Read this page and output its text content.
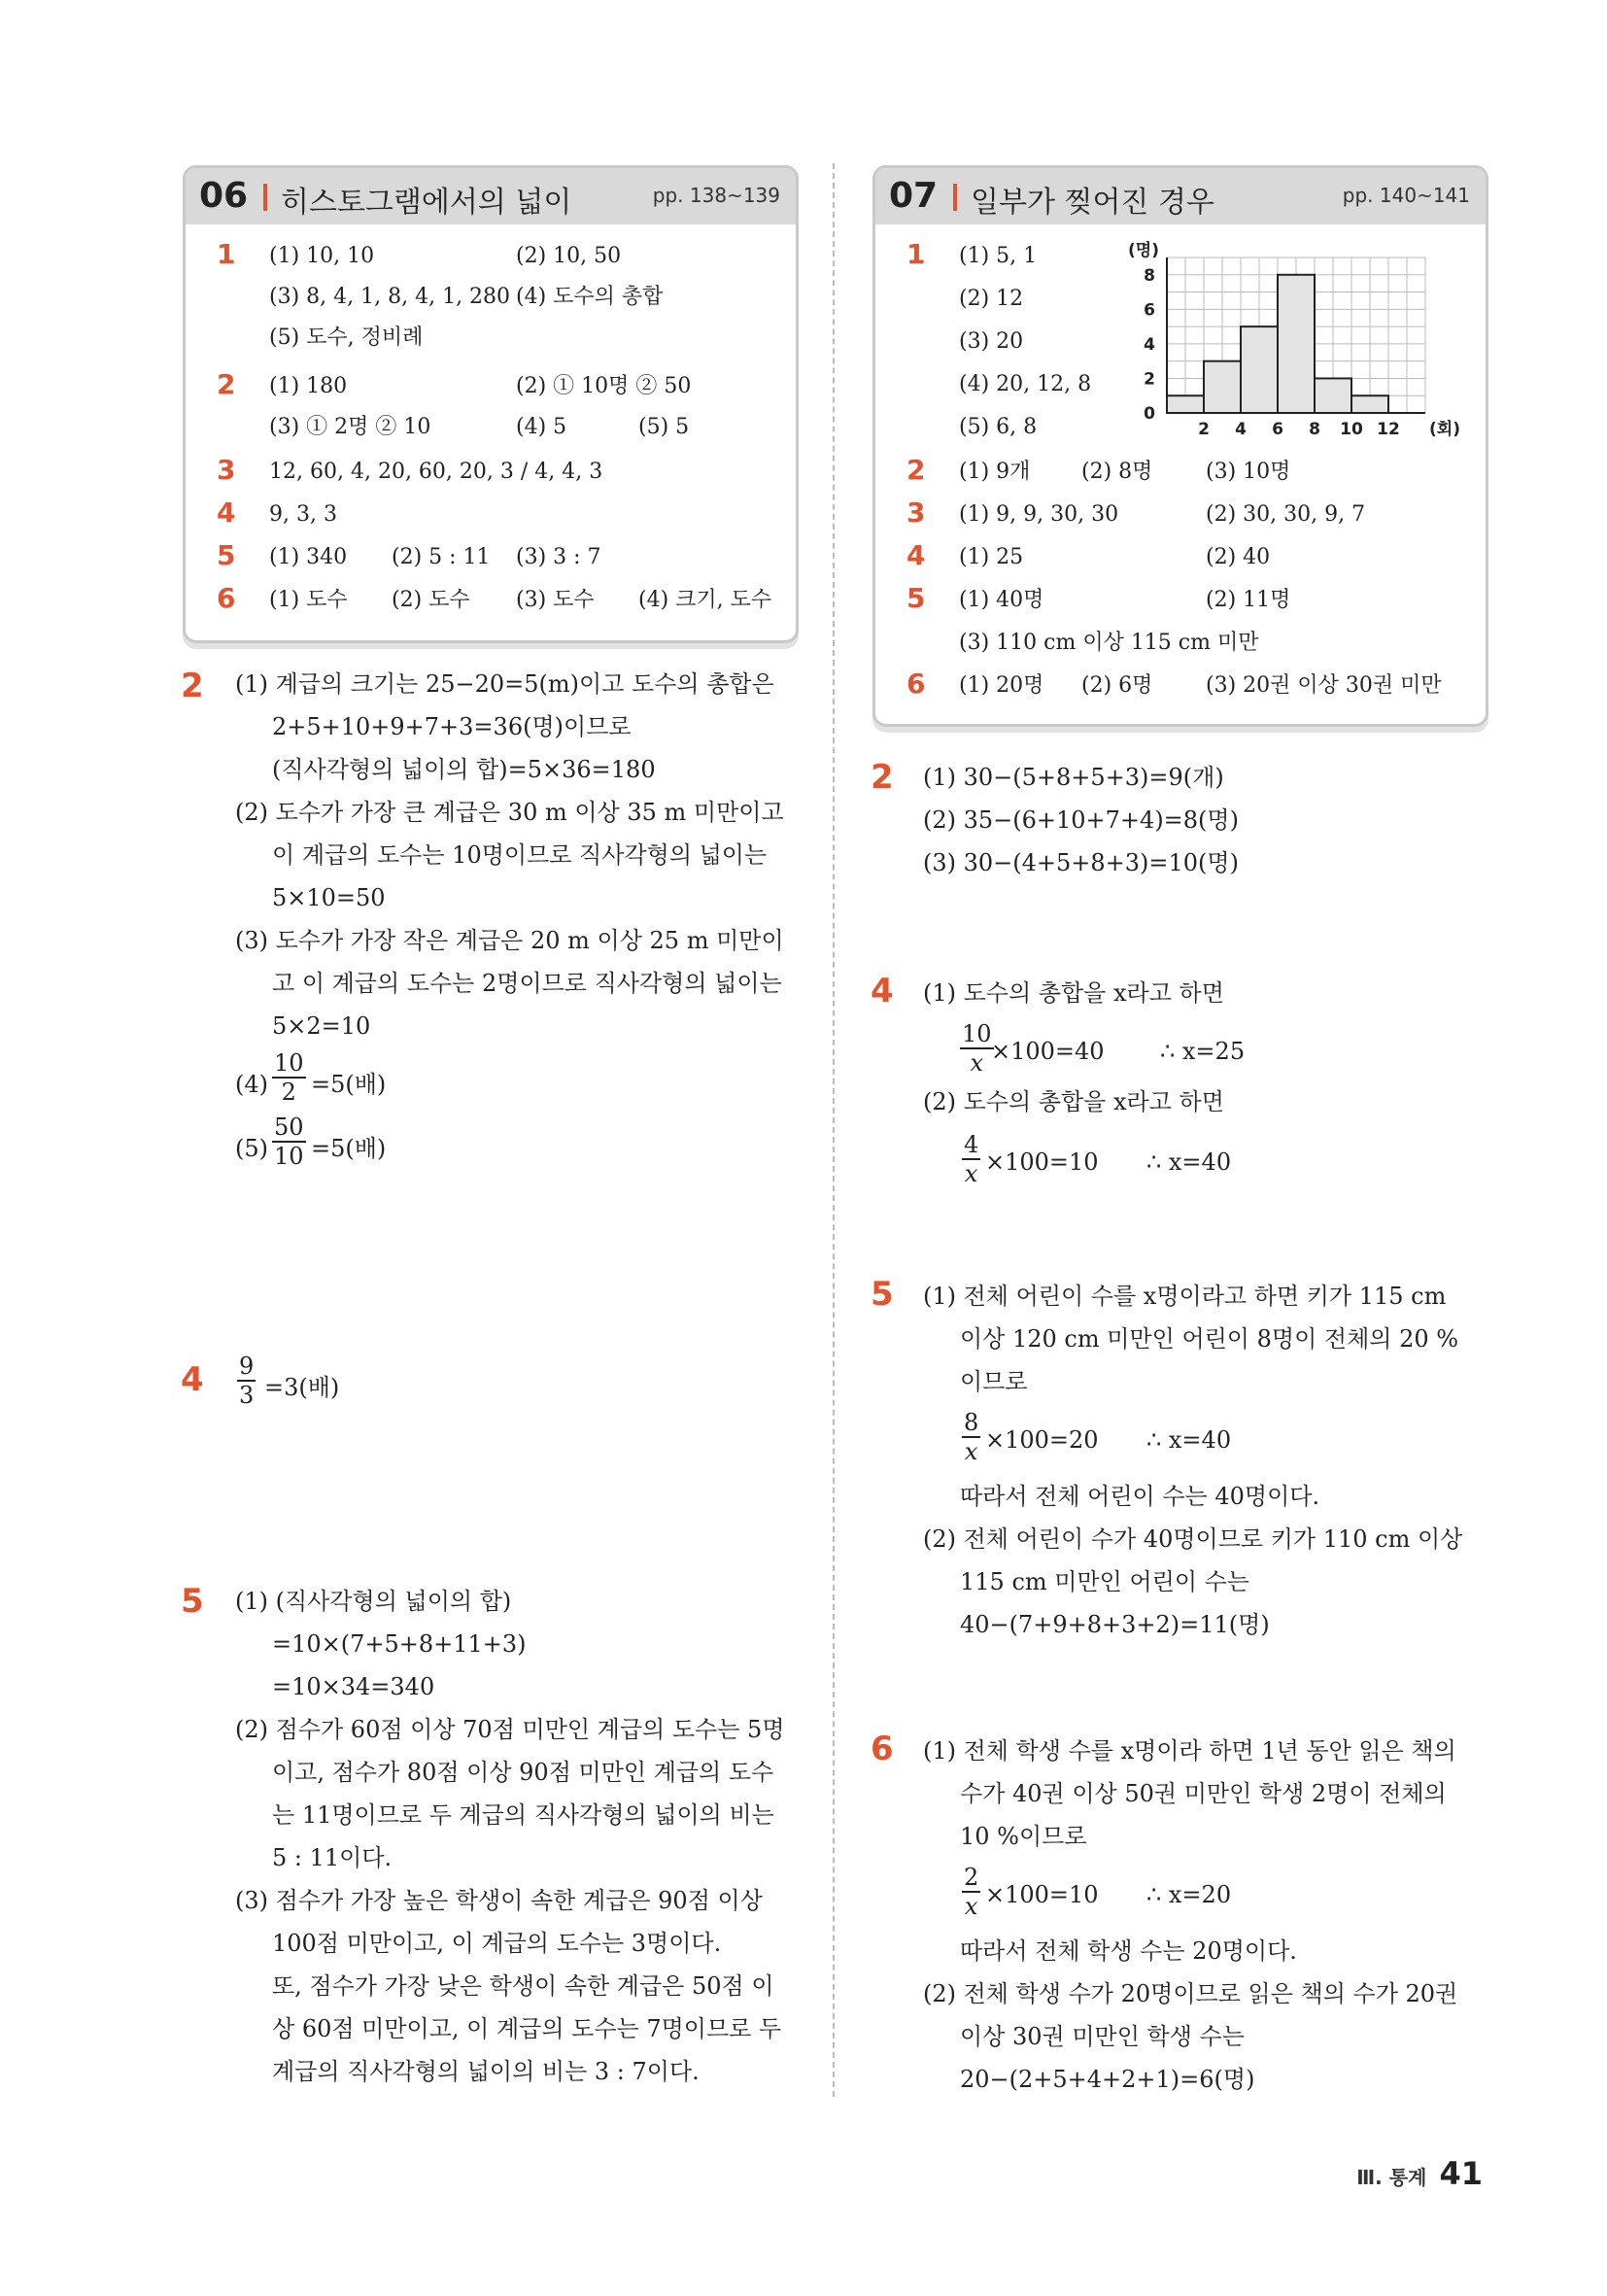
06 히스토그램에서의 넓이	pp. 138~139
1 (1) 10, 10	(2) 10, 50
(3) 8, 4, 1, 8, 4, 1, 280 (4) 도수의 총합
(5) 도수, 정비례
2 (1) 180	(2) ① 10명 ② 50
(3) ① 2명 ② 10	(4) 5	(5) 5
3 12, 60, 4, 20, 60, 20, 3 / 4, 4, 3
4 9, 3, 3
5 (1) 340 (2) 5 : 11 (3) 3 : 7
6 (1) 도수 (2) 도수 (3) 도수 (4) 크기, 도수
07 일부가 찢어진 경우	pp. 140~141
1 (1) 5, 1
(2) 12
(3) 20
(4) 20, 12, 8
(5) 6, 8
0
2
4
6
8
2 4 6 8 10 12
(명)
(회)
2 (1) 9개 (2) 8명 (3) 10명
3 (1) 9, 9, 30, 30	(2) 30, 30, 9, 7
4 (1) 25	(2) 40
5 (1) 40명	(2) 11명
(3) 110 cm 이상 115 cm 미만
6 (1) 20명 (2) 6명 (3) 20권 이상 30권 미만
2 (1) 계급의 크기는 25−20=5(m)이고 도수의 총합은
2+5+10+9+7+3=36(명)이므로
(직사각형의 넓이의 합)=5×36=180
(2) 도수가 가장 큰 계급은 30 m 이상 35 m 미만이고
이 계급의 도수는 10명이므로 직사각형의 넓이는
5×10=50
(3) 도수가 가장 작은 계급은 20 m 이상 25 m 미만이
고 이 계급의 도수는 2명이므로 직사각형의 넓이는
5×2=10
$(4) \frac{10}{2} =5$(배)
$(5) \frac{50}{10} =5$(배)
$4 \frac{9}{3} =3$(배)
5 (1) (직사각형의 넓이의 합)
=10×(7+5+8+11+3)
=10×34=340
(2) 점수가 60점 이상 70점 미만인 계급의 도수는 5명
이고, 점수가 80점 이상 90점 미만인 계급의 도수
는 11명이므로 두 계급의 직사각형의 넓이의 비는
5 : 11이다.
(3) 점수가 가장 높은 학생이 속한 계급은 90점 이상
100점 미만이고, 이 계급의 도수는 3명이다.
또, 점수가 가장 낮은 학생이 속한 계급은 50점 이
상 60점 미만이고, 이 계급의 도수는 7명이므로 두
계급의 직사각형의 넓이의 비는 3 : 7이다.
2 (1) 30−(5+8+5+3)=9(개)
(2) 35−(6+10+7+4)=8(명)
(3) 30−(4+5+8+3)=10(명)
4 (1) 도수의 총합을 x라고 하면
$\frac{10}{x}$
×100=40 ∴ x=25
(2) 도수의 총합을 x라고 하면
$\frac{4}{x} \times 100=10$ ∴ x=40
5 (1) 전체 어린이 수를 x명이라고 하면 키가 115 cm
이상 120 cm 미만인 어린이 8명이 전체의 20 %
이므로
$\frac{8}{x} \times 100=20$ ∴ x=40
따라서 전체 어린이 수는 40명이다.
(2) 전체 어린이 수가 40명이므로 키가 110 cm 이상
115 cm 미만인 어린이 수는
40−(7+9+8+3+2)=11(명)
6 (1) 전체 학생 수를 x명이라 하면 1년 동안 읽은 책의
수가 40권 이상 50권 미만인 학생 2명이 전체의
10 %이므로
$\frac{2}{x} \times 100=10$ ∴ x=20
따라서 전체 학생 수는 20명이다.
(2) 전체 학생 수가 20명이므로 읽은 책의 수가 20권
이상 30권 미만인 학생 수는
20−(2+5+4+2+1)=6(명)
Ⅲ. 통계 41
